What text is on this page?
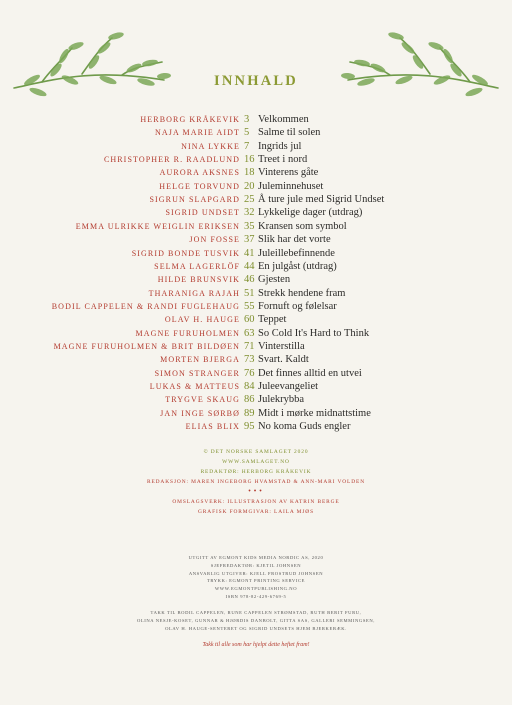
INNHALD
HERBORG KRÅKEVIK 3 Velkommen
NAJA MARIE AIDT 5 Salme til solen
NINA LYKKE 7 Ingrids jul
CHRISTOPHER R. RAADLUND 16 Treet i nord
AURORA AKSNES 18 Vinterens gåte
HELGE TORVUND 20 Juleminnehuset
SIGRUN SLAPGARD 25 Å ture jule med Sigrid Undset
SIGRID UNDSET 32 Lykkelige dager (utdrag)
EMMA ULRIKKE WEIGLIN ERIKSEN 35 Kransen som symbol
JON FOSSE 37 Slik har det vorte
SIGRID BONDE TUSVIK 41 Juleillebefinnende
SELMA LAGERLÖF 44 En julgåst (utdrag)
HILDE BRUNSVIK 46 Gjesten
THARANIGA RAJAH 51 Strekk hendene fram
BODIL CAPPELEN & RANDI FUGLEHAUG 55 Fornuft og følelsar
OLAV H. HAUGE 60 Teppet
MAGNE FURUHOLMEN 63 So Cold It's Hard to Think
MAGNE FURUHOLMEN & BRIT BILDØEN 71 Vinterstilla
MORTEN BJERGA 73 Svart. Kaldt
SIMON STRANGER 76 Det finnes alltid en utvei
LUKAS & MATTEUS 84 Juleevangeliet
TRYGVE SKAUG 86 Julekrybba
JAN INGE SØRBØ 89 Midt i mørke midnattstime
ELIAS BLIX 95 No koma Guds engler
© DET NORSKE SAMLAGET 2020
WWW.SAMLAGET.NO
REDAKTØR: HERBORG KRÅKEVIK
REDAKSJON: MAREN INGEBORG HVAMSTAD & ANN-MARI VOLDEN
•••
OMSLAGSVERK: ILLUSTRASJON AV KATRIN BERGE
GRAFISK FORMGIVAR: LAILA MJØS
UTGITT AV EGMONT KIDS MEDIA NORDIC AS, 2020
SJEFREDAKTØR: KJETIL JOHNSEN
ANSVARLIG UTGIVER: KJELL FROSTRUD JOHNSEN
TRYKK: EGMONT PRINTING SERVICE
WWW.EGMONTPUBLISHING.NO
ISBN 978-82-429-6769-5
TAKK TIL BODIL CAPPELEN, RUNE CAPPELEN STRØMSTAD, RUTH BERIT FURU,
OLINA NESJE-KOSET, GUNNAR & HJØRDIS DANBOLT, GITTA SAS, GALLERI SEMMINGSEN,
OLAV H. HAUGE-SENTERET OG SIGRID UNDSETS HJEM BJERKEBÆK.
Takk til alle som har hjelpt dette heftet fram!
